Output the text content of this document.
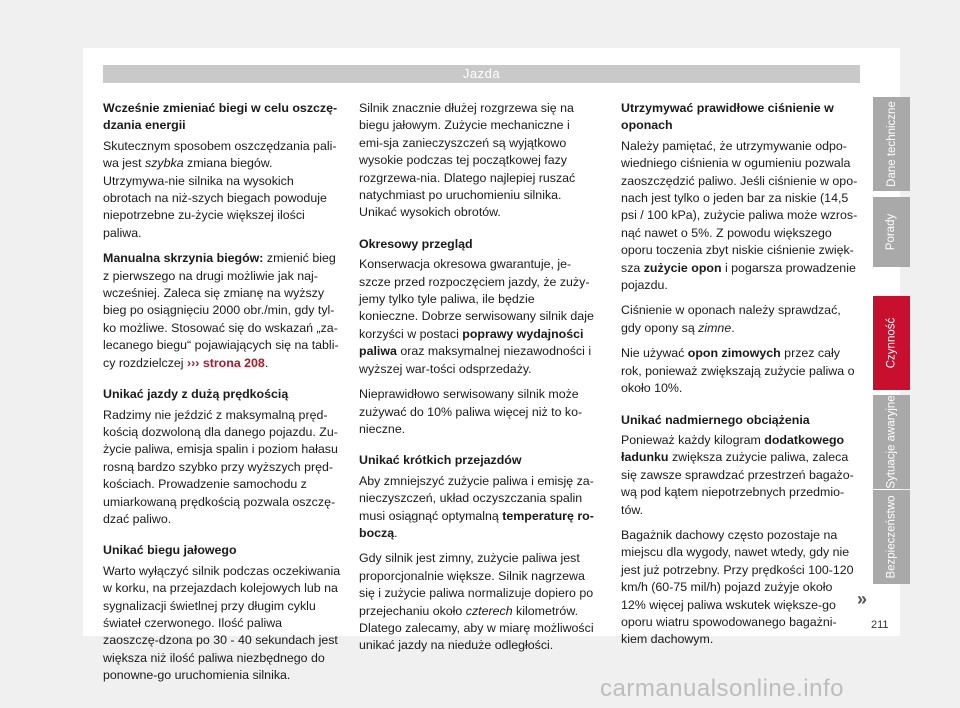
Jazda
Wcześnie zmieniać biegi w celu oszczę-dzania energii

Skutecznym sposobem oszczędzania pali-wa jest szybka zmiana biegów. Utrzymywa-nie silnika na wysokich obrotach na niż-szych biegach powoduje niepotrzebne zu-życie większej ilości paliwa.

Manualna skrzynia biegów: zmienić bieg z pierwszego na drugi możliwie jak naj-wcześniej. Zaleca się zmianę na wyższy bieg po osiągnięciu 2000 obr./min, gdy tyl-ko możliwe. Stosować się do wskazań „za-lecanego biegu“ pojawiających się na tabli-cy rozdzielczej ››› strona 208.

Unikać jazdy z dużą prędkością

Radzimy nie jeździć z maksymalną pręd-kością dozwoloną dla danego pojazdu. Zu-życie paliwa, emisja spalin i poziom hałasu rosną bardzo szybko przy wyższych pręd-kościach. Prowadzenie samochodu z umiarkowaną prędkością pozwala oszczę-dzać paliwo.

Unikać biegu jałowego

Warto wyłączyć silnik podczas oczekiwania w korku, na przejazdach kolejowych lub na sygnalizacji świetlnej przy długim cyklu świateł czerwonego. Ilość paliwa zaoszczę-dzona po 30 - 40 sekundach jest większa niż ilość paliwa niezbędnego do ponowne-go uruchomienia silnika.

Silnik znacznie dłużej rozgrzewa się na biegu jałowym. Zużycie mechaniczne i emi-sja zanieczyszczeń są wyjątkowo wysokie podczas tej początkowej fazy rozgrzewa-nia. Dlatego najlepiej ruszać natychmiast po uruchomieniu silnika. Unikać wysokich obrotów.

Okresowy przegląd

Konserwacja okresowa gwarantuje, je-szcze przed rozpoczęciem jazdy, że zuży-jemy tylko tyle paliwa, ile będzie konieczne. Dobrze serwisowany silnik daje korzyści w postaci poprawy wydajności paliwa oraz maksymalnej niezawodności i wyższej war-tości odsprzedaży.

Nieprawidłowo serwisowany silnik może zużywać do 10% paliwa więcej niż to ko-nieczne.

Unikać krótkich przejazdów

Aby zmniejszyć zużycie paliwa i emisję za-nieczyszczeń, układ oczyszczania spalin musi osiągnąć optymalną temperaturę ro-boczą.

Gdy silnik jest zimny, zużycie paliwa jest proporcjonalnie większe. Silnik nagrzewa się i zużycie paliwa normalizuje dopiero po przejechaniu około czterech kilometrów. Dlatego zalecamy, aby w miarę możliwości unikać jazdy na nieduże odległości.

Utrzymywać prawidłowe ciśnienie w oponach

Należy pamiętać, że utrzymywanie odpo-wiedniego ciśnienia w ogumieniu pozwala zaoszczędzić paliwo. Jeśli ciśnienie w opo-nach jest tylko o jeden bar za niskie (14,5 psi / 100 kPa), zużycie paliwa może wzros-nąć nawet o 5%. Z powodu większego oporu toczenia zbyt niskie ciśnienie zwięk-sza zużycie opon i pogarsza prowadzenie pojazdu.

Ciśnienie w oponach należy sprawdzać, gdy opony są zimne.

Nie używać opon zimowych przez cały rok, ponieważ zwiększają zużycie paliwa o około 10%.

Unikać nadmiernego obciążenia

Ponieważ każdy kilogram dodatkowego ładunku zwiększa zużycie paliwa, zaleca się zawsze sprawdzać przestrzeń bagażo-wą pod kątem niepotrzebnych przedmio-tów.

Bagażnik dachowy często pozostaje na miejscu dla wygody, nawet wtedy, gdy nie jest już potrzebny. Przy prędkości 100-120 km/h (60-75 mil/h) pojazd zużyje około 12% więcej paliwa wskutek większe-go oporu wiatru spowodowanego bagażni-kiem dachowym.

Dane techniczne
Porady
Czynność
Sytuacje awaryjne
Bezpieczeństwo
»
211
carmanualsonline.info
